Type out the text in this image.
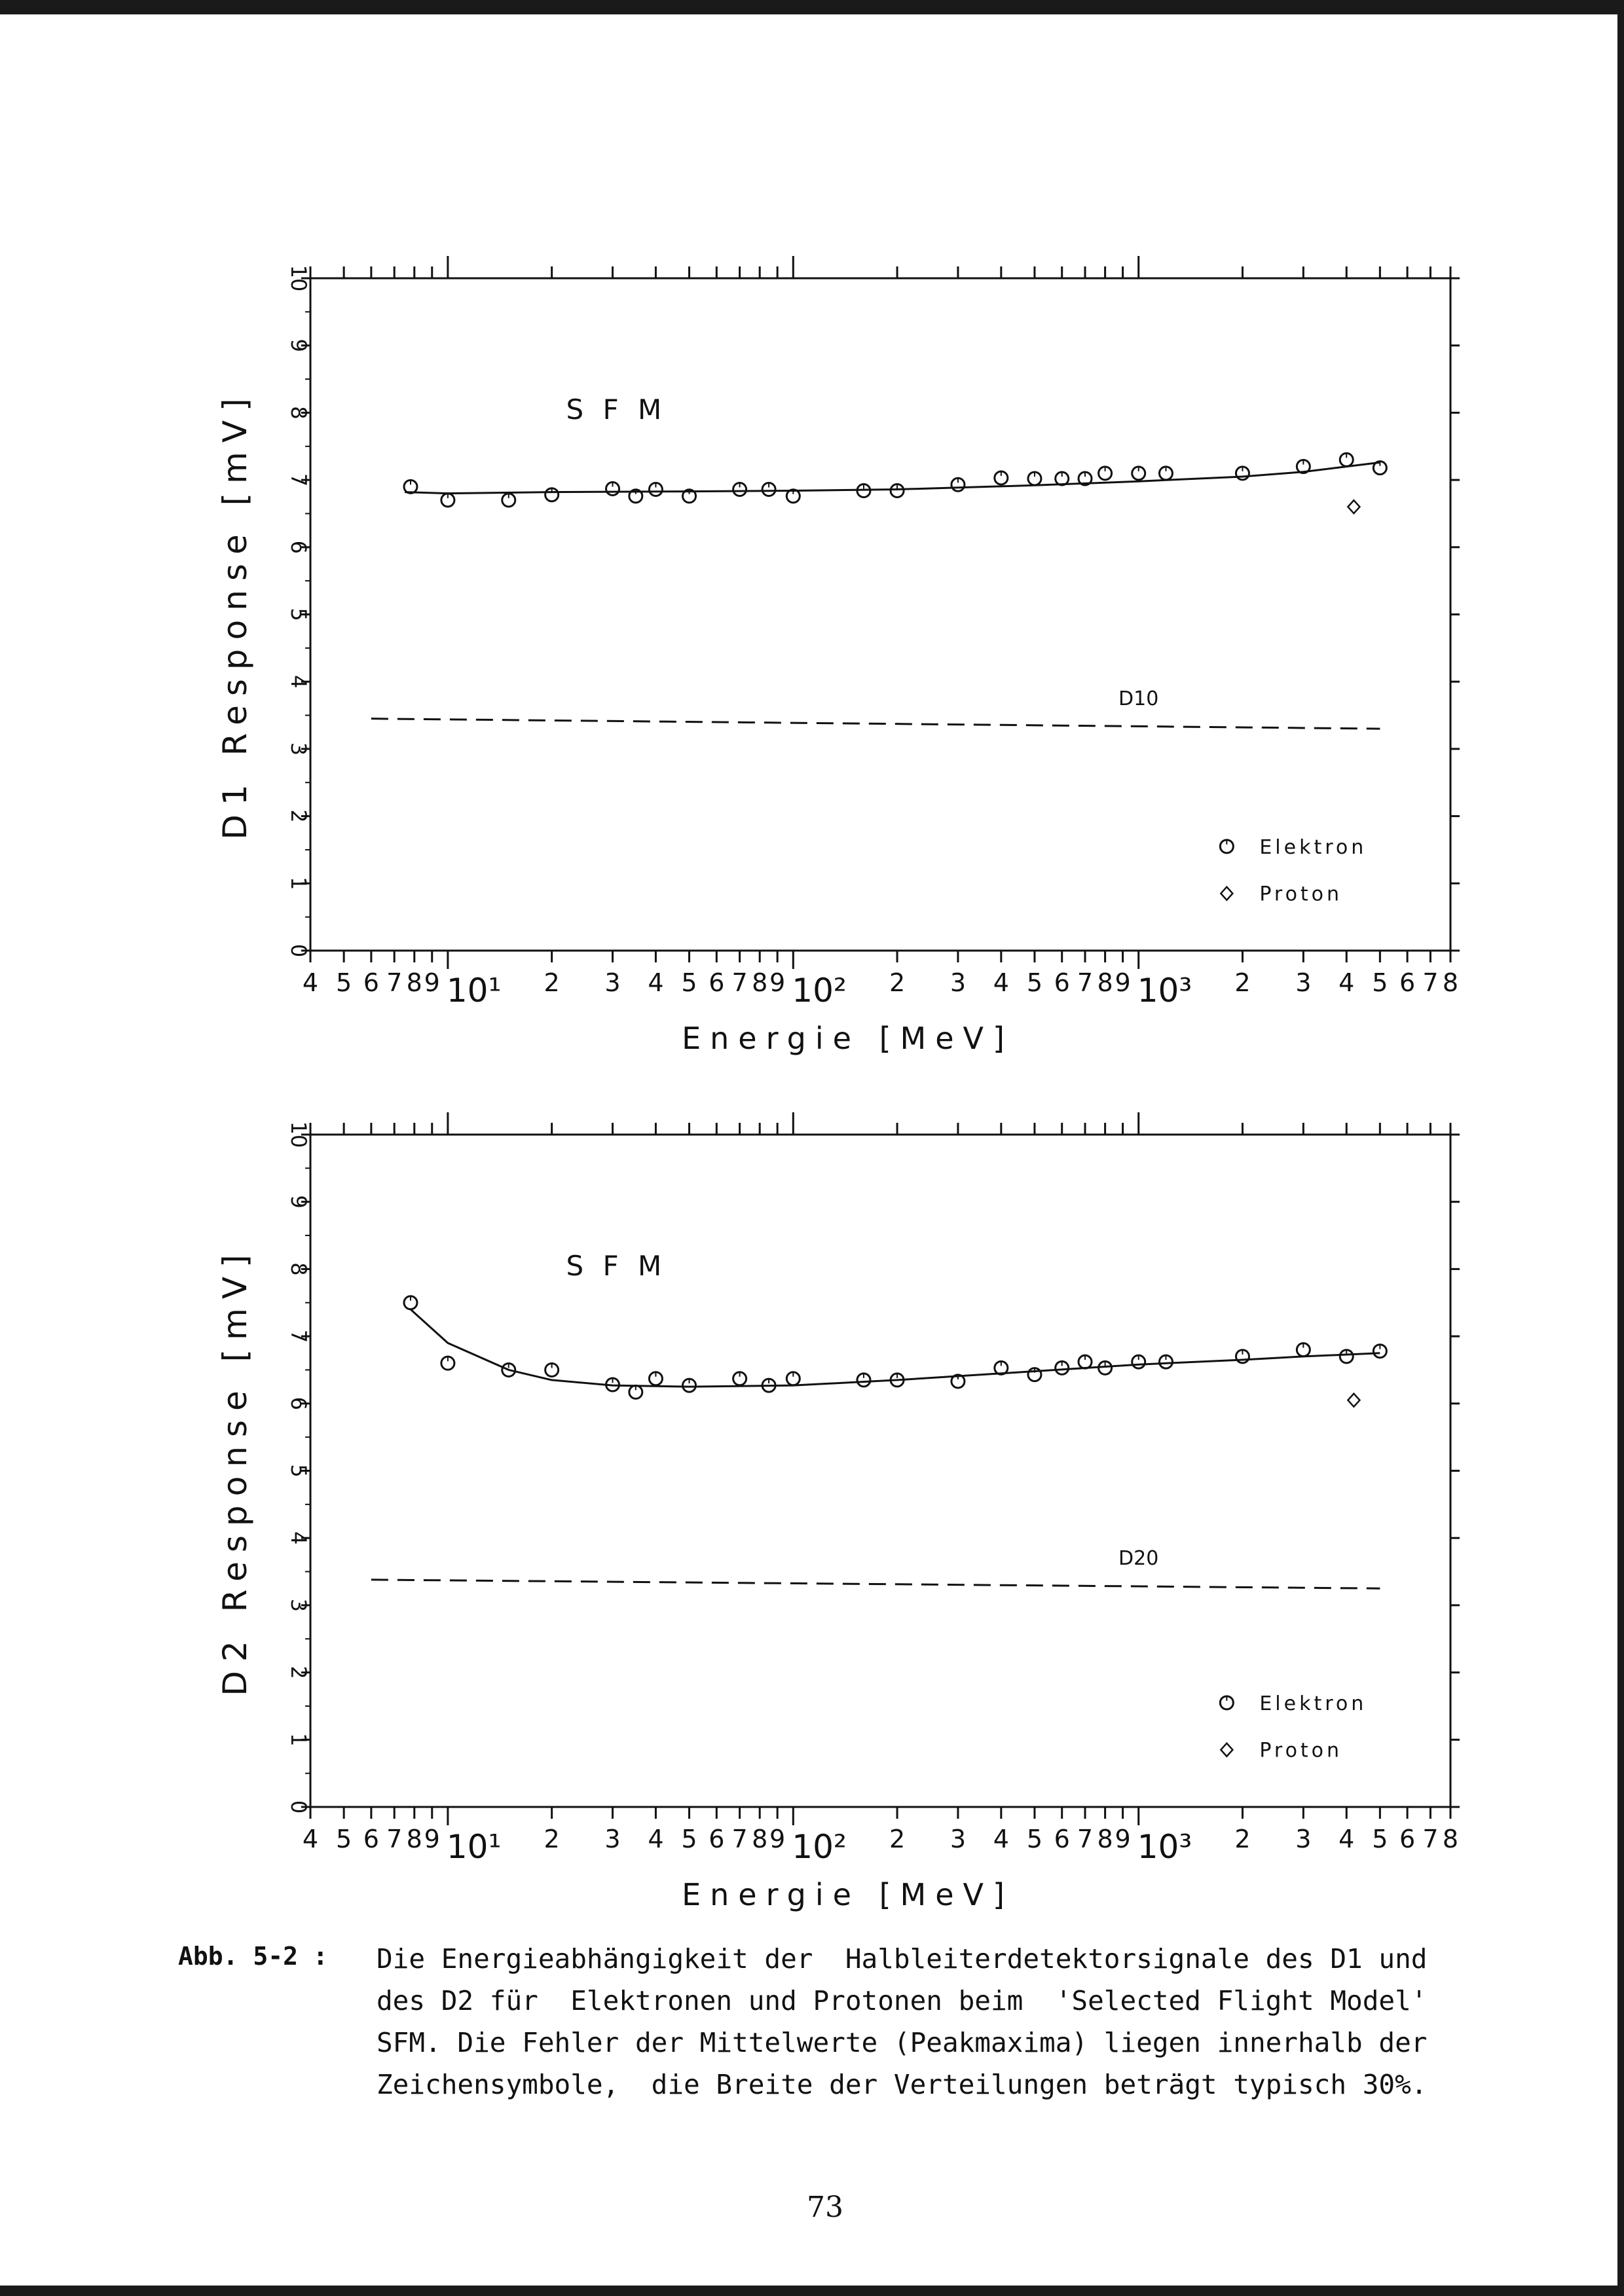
0
1
2
3
4
5
6
7
8
9
10
4 5 6 7 8 9 10¹ 2 3 4 5 6 7 8 9 10² 2 3 4 5 6 7 8 9 10³ 2 3 4 5 6 7 8
D1 Response [mV]
Energie [MeV]
S F M
D10
Elektron
Proton
0
1
2
3
4
5
6
7
8
9
10
4 5 6 7 8 9 10¹ 2 3 4 5 6 7 8 9 10² 2 3 4 5 6 7 8 9 10³ 2 3 4 5 6 7 8
D2 Response [mV]
Energie [MeV]
S F M
D20
Elektron
Proton
Abb. 5-2 : Die Energieabhängigkeit der  Halbleiterdetektorsignale des D1 und
des D2 für  Elektronen und Protonen beim  'Selected Flight Model'
SFM. Die Fehler der Mittelwerte (Peakmaxima) liegen innerhalb der
Zeichensymbole,  die Breite der Verteilungen beträgt typisch 30%.
73
